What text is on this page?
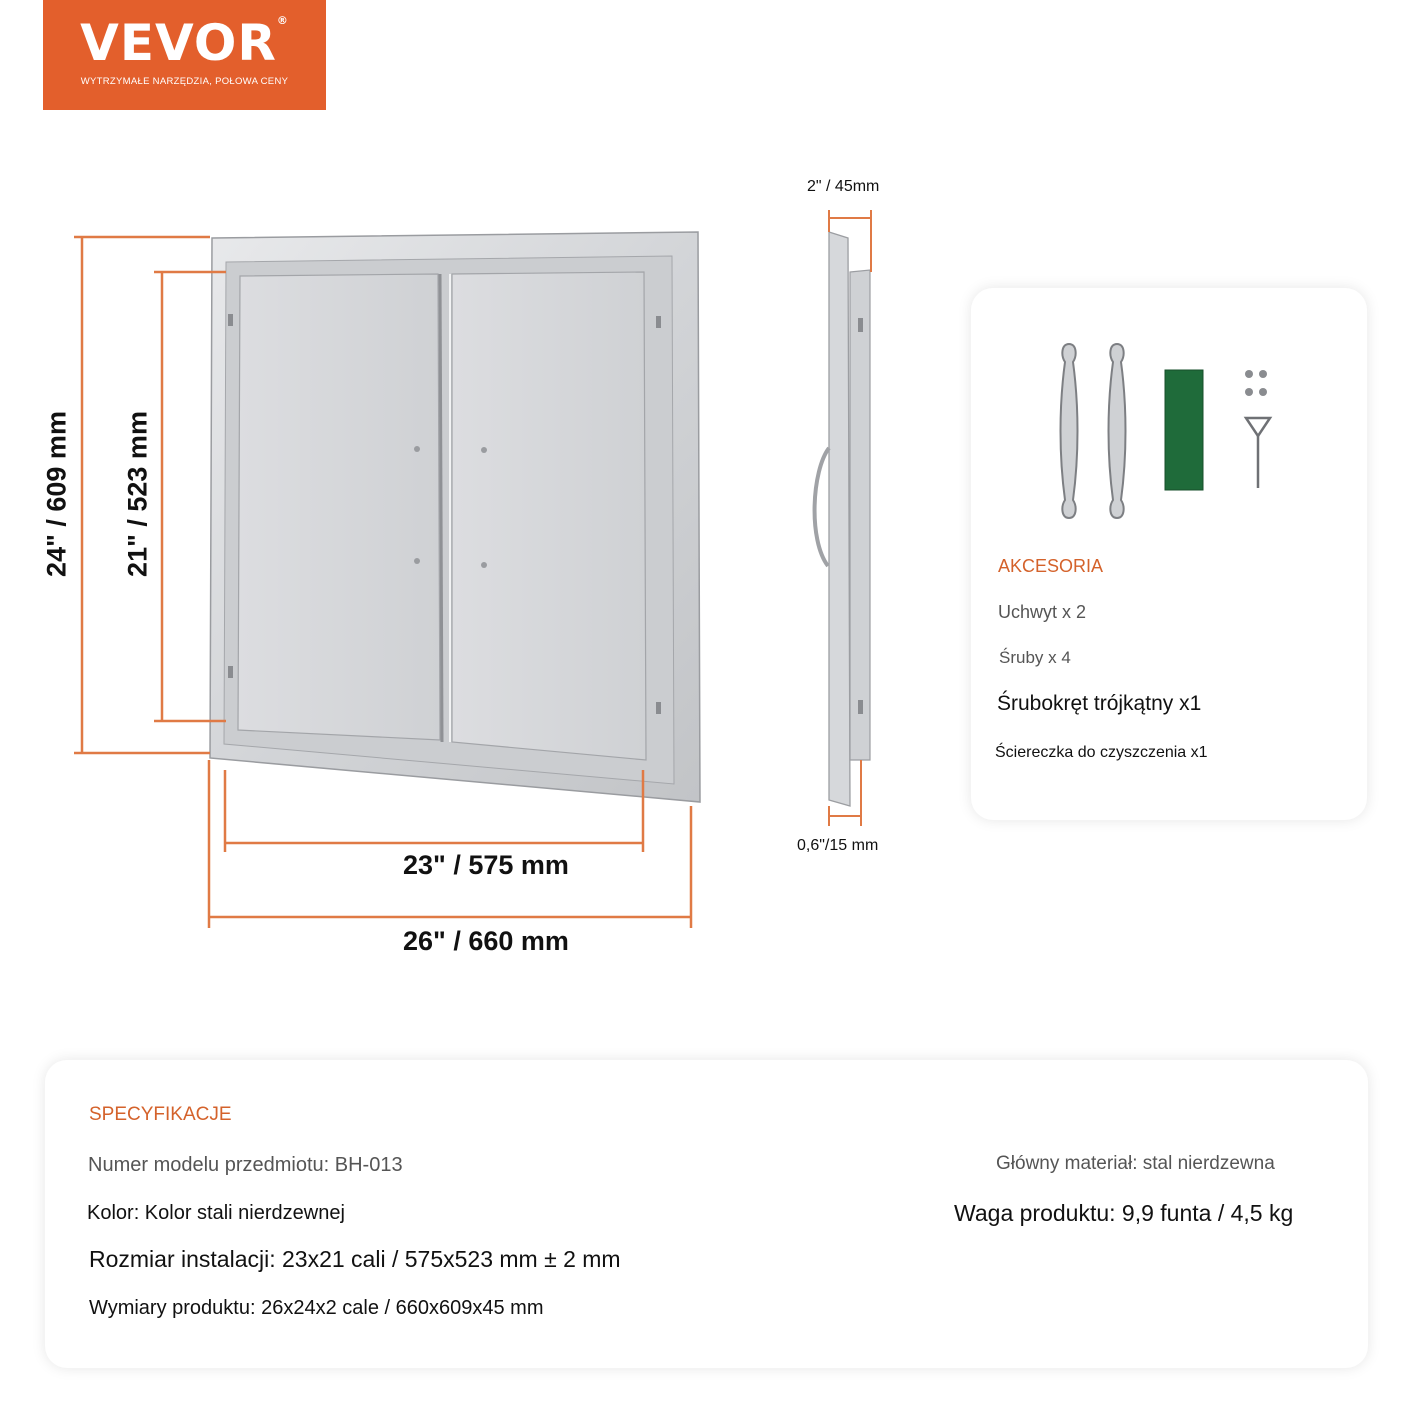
VEVOR®
WYTRZYMAŁE NARZĘDZIA, POŁOWA CENY
24" / 609 mm 21" / 523 mm
23" / 575 mm
26" / 660 mm
2" / 45mm
0,6"/15 mm
AKCESORIA
Uchwyt x 2
Śruby x 4
Śrubokręt trójkątny x1
Ściereczka do czyszczenia x1
SPECYFIKACJE
Numer modelu przedmiotu: BH-013
Kolor: Kolor stali nierdzewnej
Rozmiar instalacji: 23x21 cali / 575x523 mm ± 2 mm
Wymiary produktu: 26x24x2 cale / 660x609x45 mm
Główny materiał: stal nierdzewna
Waga produktu: 9,9 funta / 4,5 kg
